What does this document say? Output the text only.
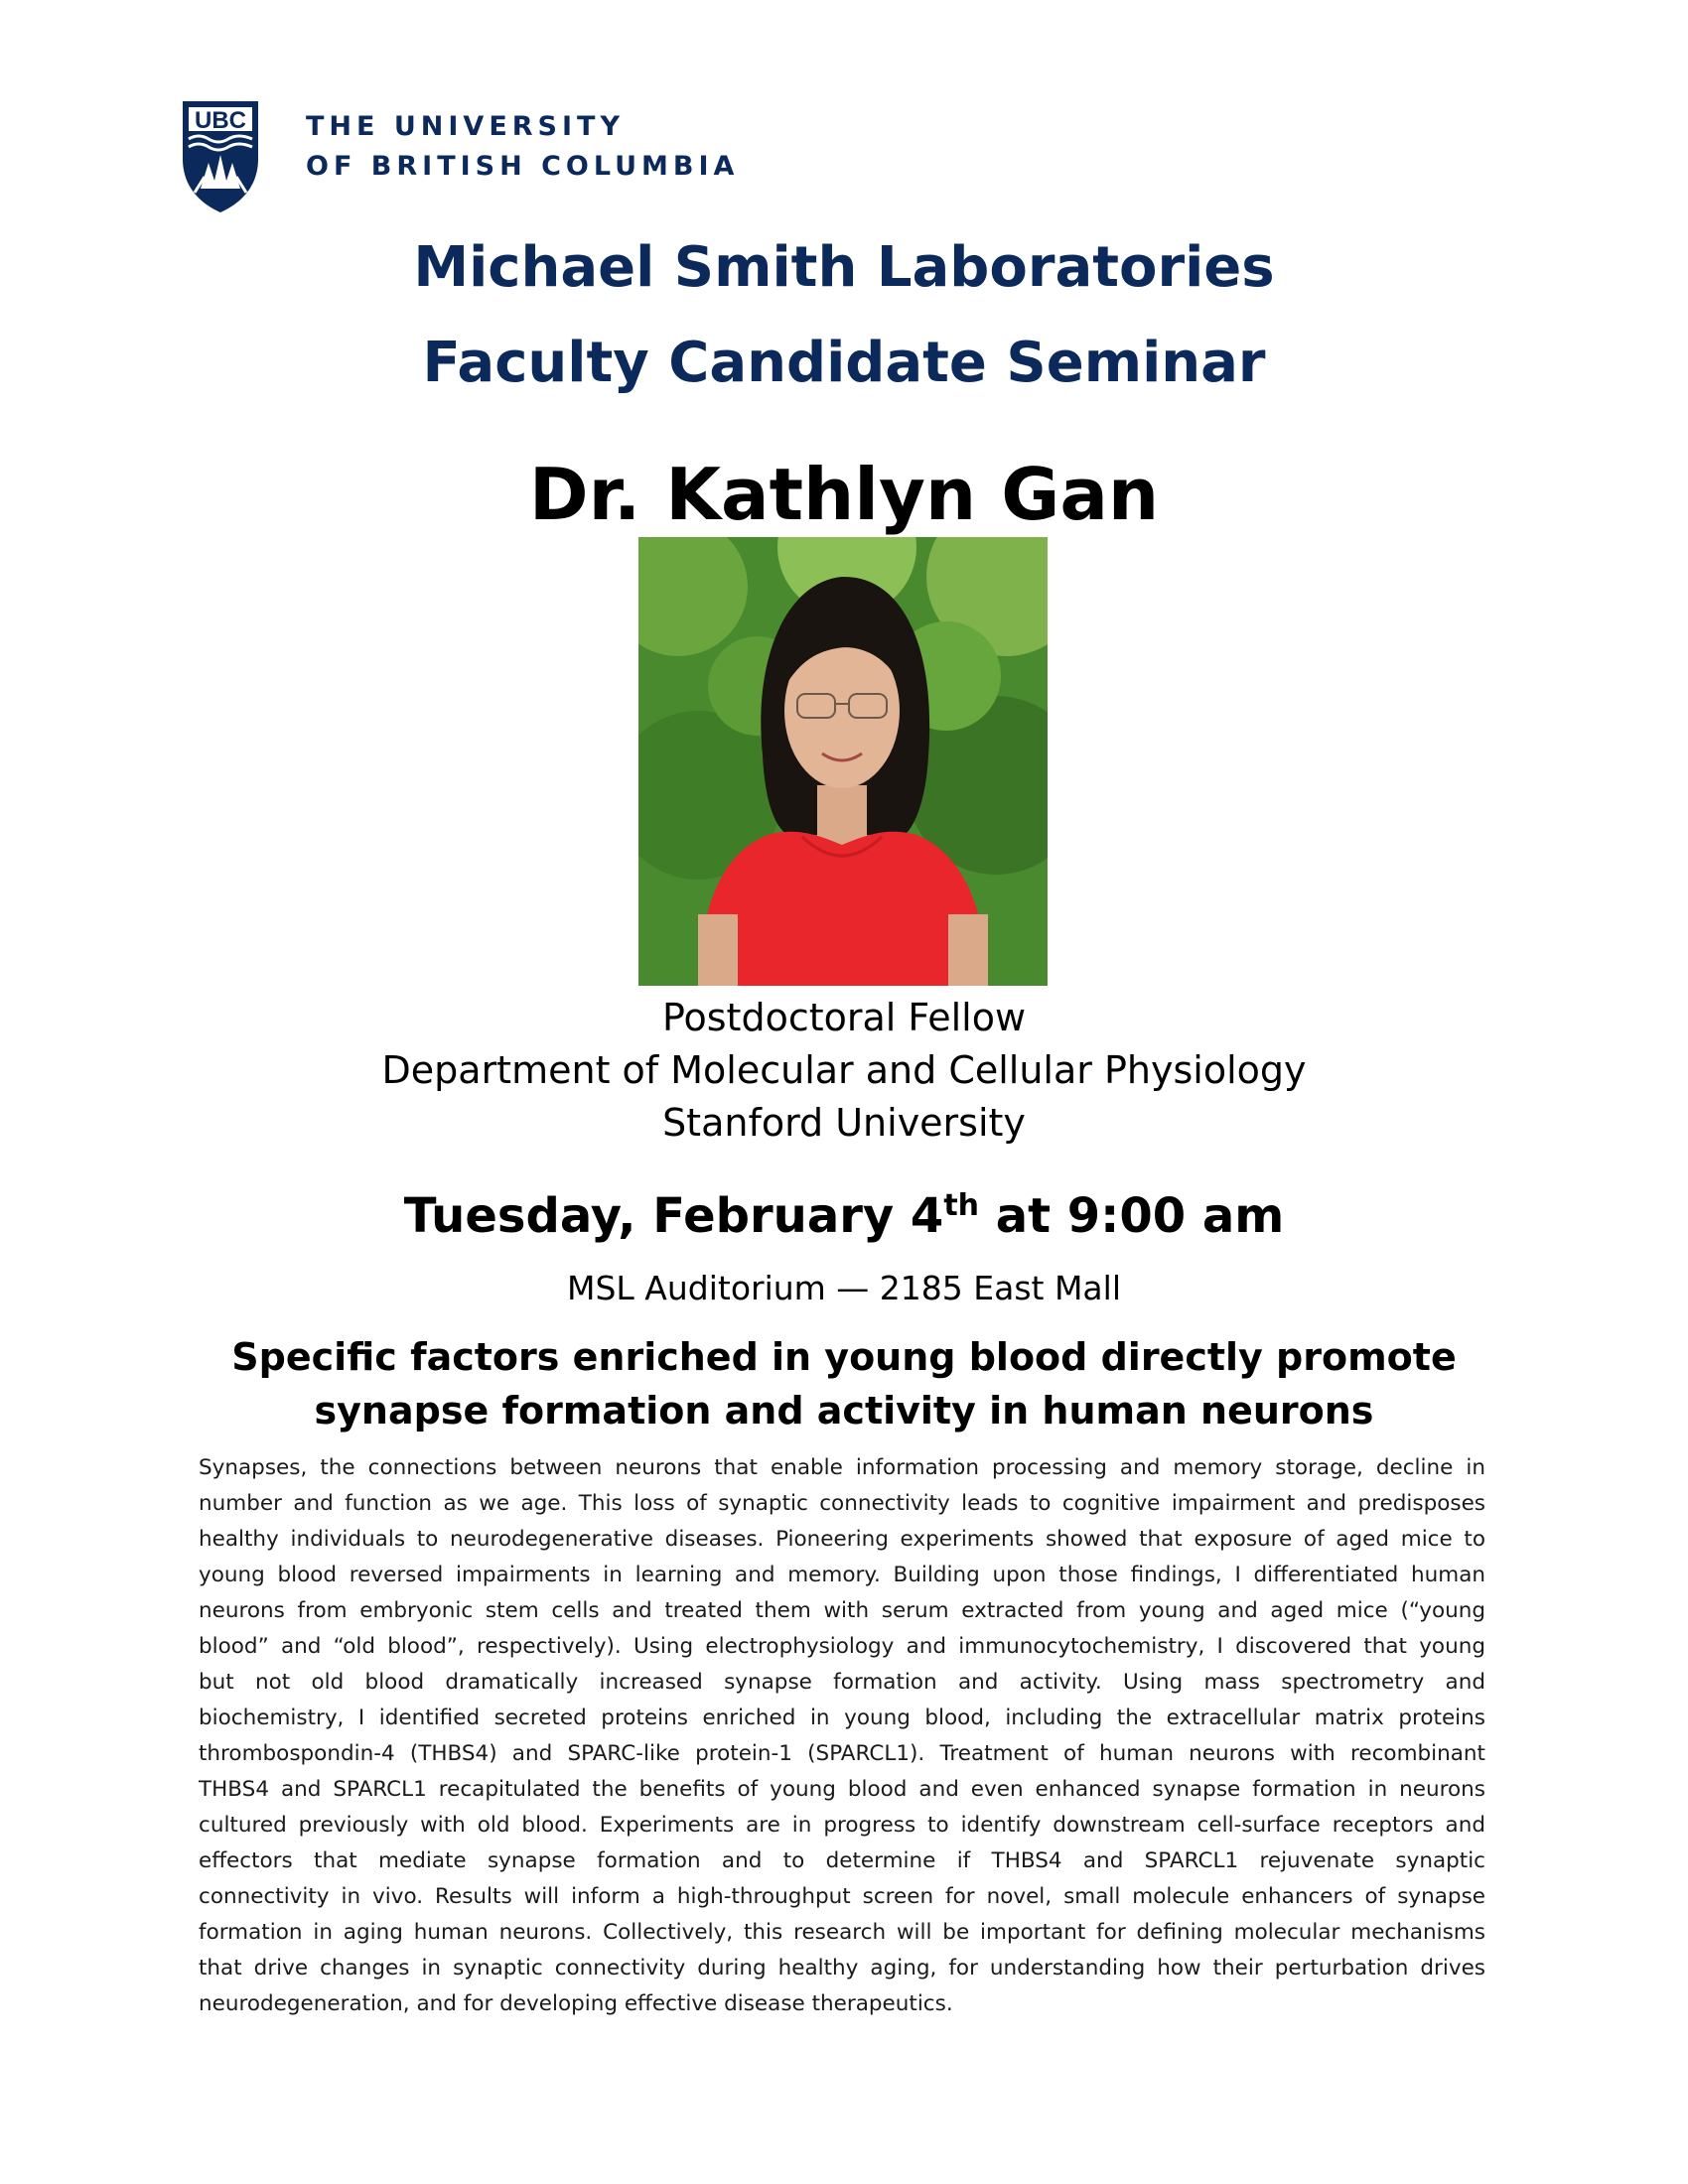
UBC THE UNIVERSITY
OF BRITISH COLUMBIA
Michael Smith Laboratories
Faculty Candidate Seminar
Dr. Kathlyn Gan
Postdoctoral Fellow
Department of Molecular and Cellular Physiology
Stanford University
Tuesday, February 4th at 9:00 am
MSL Auditorium — 2185 East Mall
Specific factors enriched in young blood directly promote
synapse formation and activity in human neurons
Synapses, the connections between neurons that enable information processing and memory storage, decline in
number and function as we age. This loss of synaptic connectivity leads to cognitive impairment and predisposes
healthy individuals to neurodegenerative diseases. Pioneering experiments showed that exposure of aged mice to
young blood reversed impairments in learning and memory. Building upon those findings, I differentiated human
neurons from embryonic stem cells and treated them with serum extracted from young and aged mice (“young
blood” and “old blood”, respectively). Using electrophysiology and immunocytochemistry, I discovered that young
but not old blood dramatically increased synapse formation and activity. Using mass spectrometry and
biochemistry, I identified secreted proteins enriched in young blood, including the extracellular matrix proteins
thrombospondin-4 (THBS4) and SPARC-like protein-1 (SPARCL1). Treatment of human neurons with recombinant
THBS4 and SPARCL1 recapitulated the benefits of young blood and even enhanced synapse formation in neurons
cultured previously with old blood. Experiments are in progress to identify downstream cell-surface receptors and
effectors that mediate synapse formation and to determine if THBS4 and SPARCL1 rejuvenate synaptic
connectivity in vivo. Results will inform a high-throughput screen for novel, small molecule enhancers of synapse
formation in aging human neurons. Collectively, this research will be important for defining molecular mechanisms
that drive changes in synaptic connectivity during healthy aging, for understanding how their perturbation drives
neurodegeneration, and for developing effective disease therapeutics.
